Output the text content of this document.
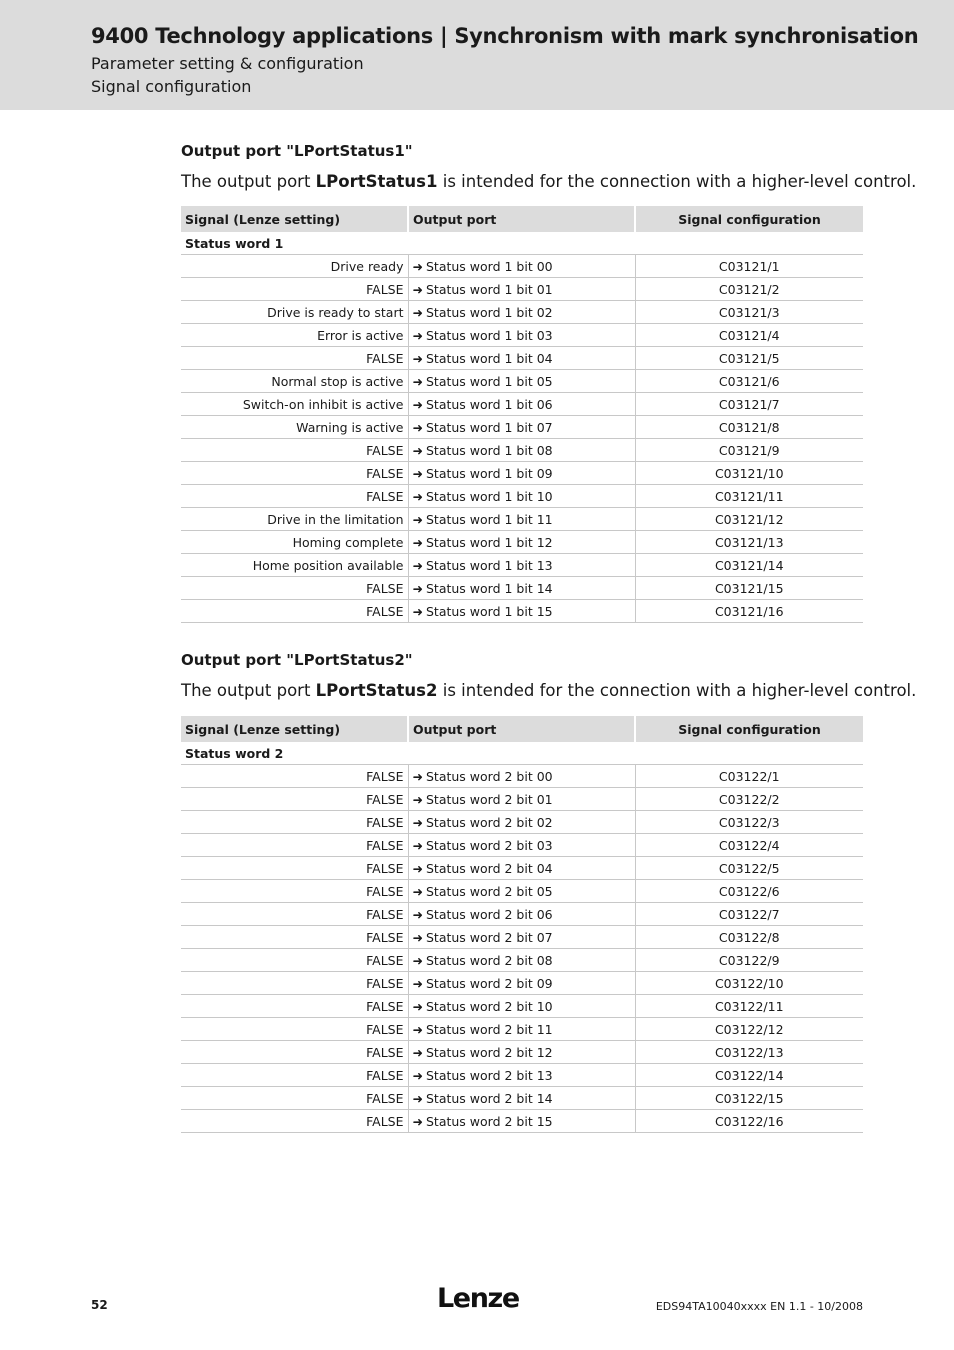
9400 Technology applications | Synchronism with mark synchronisation
Parameter setting & configuration
Signal configuration
Output port "LPortStatus1"
The output port LPortStatus1 is intended for the connection with a higher-level control.
Signal (Lenze setting)	Output port	Signal configuration
Status word 1		
Drive ready	➜ Status word 1 bit 00	C03121/1
FALSE	➜ Status word 1 bit 01	C03121/2
Drive is ready to start	➜ Status word 1 bit 02	C03121/3
Error is active	➜ Status word 1 bit 03	C03121/4
FALSE	➜ Status word 1 bit 04	C03121/5
Normal stop is active	➜ Status word 1 bit 05	C03121/6
Switch-on inhibit is active	➜ Status word 1 bit 06	C03121/7
Warning is active	➜ Status word 1 bit 07	C03121/8
FALSE	➜ Status word 1 bit 08	C03121/9
FALSE	➜ Status word 1 bit 09	C03121/10
FALSE	➜ Status word 1 bit 10	C03121/11
Drive in the limitation	➜ Status word 1 bit 11	C03121/12
Homing complete	➜ Status word 1 bit 12	C03121/13
Home position available	➜ Status word 1 bit 13	C03121/14
FALSE	➜ Status word 1 bit 14	C03121/15
FALSE	➜ Status word 1 bit 15	C03121/16
Output port "LPortStatus2"
The output port LPortStatus2 is intended for the connection with a higher-level control.
Signal (Lenze setting)	Output port	Signal configuration
Status word 2		
FALSE	➜ Status word 2 bit 00	C03122/1
FALSE	➜ Status word 2 bit 01	C03122/2
FALSE	➜ Status word 2 bit 02	C03122/3
FALSE	➜ Status word 2 bit 03	C03122/4
FALSE	➜ Status word 2 bit 04	C03122/5
FALSE	➜ Status word 2 bit 05	C03122/6
FALSE	➜ Status word 2 bit 06	C03122/7
FALSE	➜ Status word 2 bit 07	C03122/8
FALSE	➜ Status word 2 bit 08	C03122/9
FALSE	➜ Status word 2 bit 09	C03122/10
FALSE	➜ Status word 2 bit 10	C03122/11
FALSE	➜ Status word 2 bit 11	C03122/12
FALSE	➜ Status word 2 bit 12	C03122/13
FALSE	➜ Status word 2 bit 13	C03122/14
FALSE	➜ Status word 2 bit 14	C03122/15
FALSE	➜ Status word 2 bit 15	C03122/16
52	Lenze	EDS94TA10040xxxx EN 1.1 - 10/2008
